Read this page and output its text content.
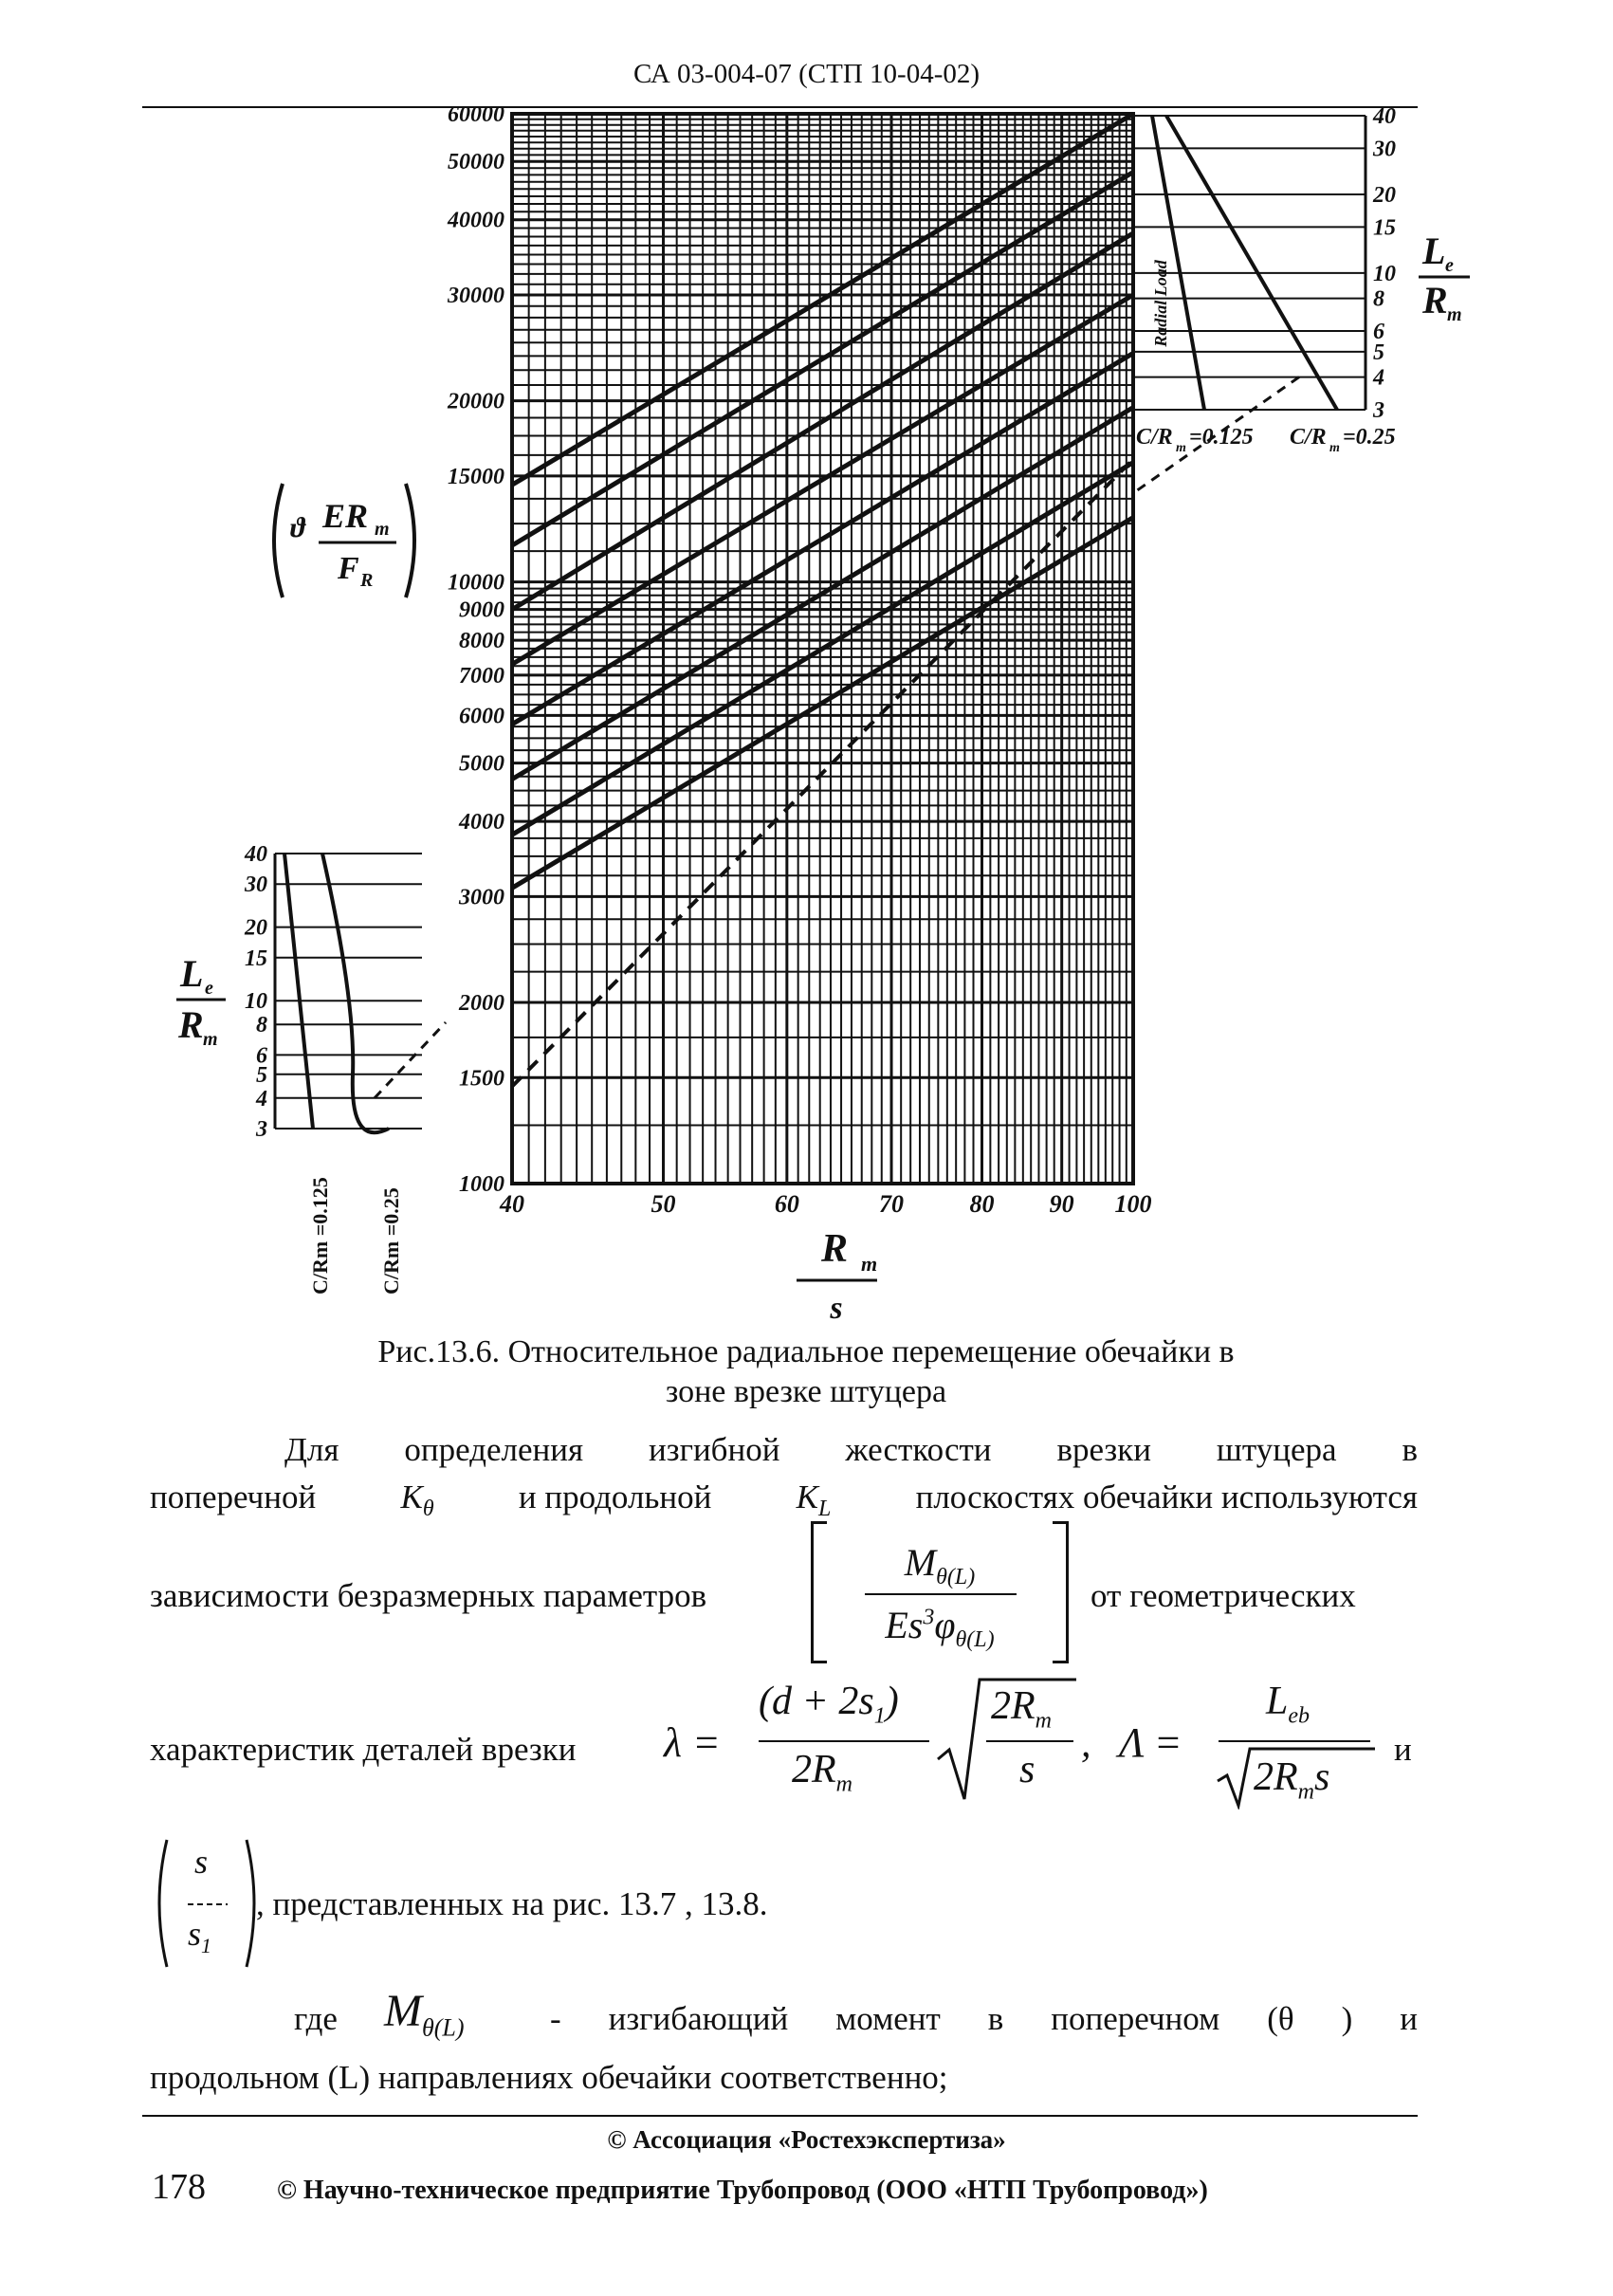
СА 03-004-07 (СТП 10-04-02)
1000
1500
2000
3000
4000
5000
6000
7000
8000
9000
10000
15000
20000
30000
40000
50000
60000
40	50	60	70	80 90 100
R m
s
ϑ ER m
F R
3
4
5
6
8
10
15
20
30
40
Radial Load
C/R m =0.125 C/R m =0.25
L e
R m
3
4
5
6
8
10
15
20
30
40
L e
R m
C/Rm =0.125 C/Rm =0.25
Рис.13.6. Относительное радиальное перемещение обечайки в
зоне врезке штуцера
Для определения изгибной жесткости врезки штуцера в
поперечной	$K_\theta$	и продольной	$K_L$	плоскостях обечайки используются
зависимости безразмерных параметров
$M_{\theta(L)}$
$Es^3\varphi_{\theta(L)}$
от геометрических
характеристик деталей врезки λ =
$(d + 2s_1)$
$2R_m$
$2R_m$
s
, Λ =
$L_{eb}$
$2R_ms$
и
s
$s_1$
, представленных на рис. 13.7 , 13.8.
где $M_{\theta(L)}$	- изгибающий момент в поперечном (θ ) и
продольном (L) направлениях обечайки соответственно;
© Ассоциация «Ростехэкспертиза»
178	© Научно-техническое предприятие Трубопровод (ООО «НТП Трубопровод»)
